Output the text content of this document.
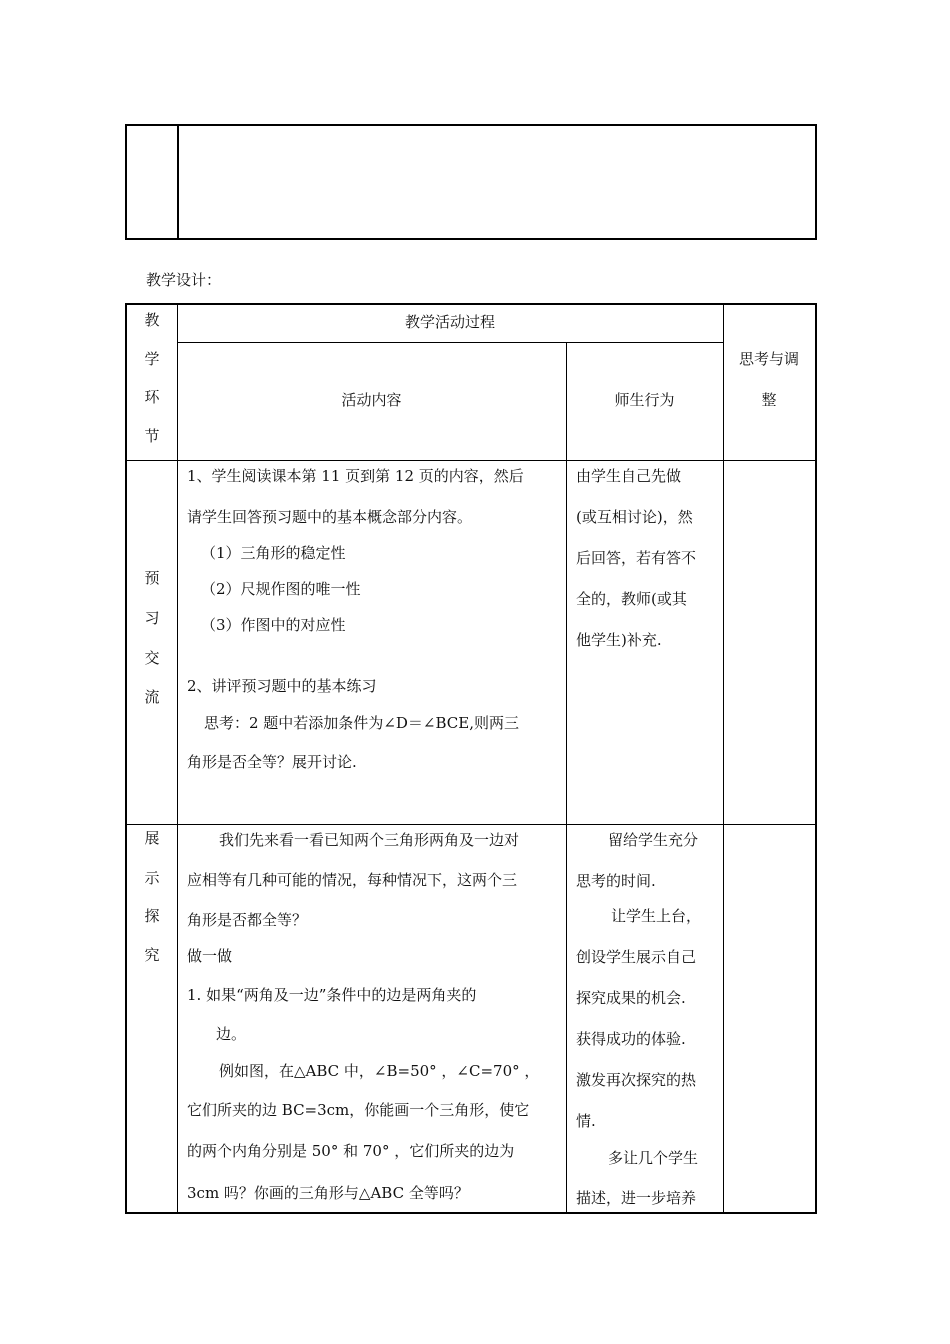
教学设计：
教
学
环
节
教学活动过程
活动内容	师生行为
思考与调
整
预
习
交
流
1、学生阅读课本第 11 页到第 12 页的内容，然后
请学生回答预习题中的基本概念部分内容。
（1）三角形的稳定性
（2）尺规作图的唯一性
（3）作图中的对应性
2、讲评预习题中的基本练习
思考：2 题中若添加条件为∠D＝∠BCE,则两三
角形是否全等？展开讨论.
由学生自己先做
(或互相讨论)，然
后回答，若有答不
全的，教师(或其
他学生)补充.
展
示
探
究
我们先来看一看已知两个三角形两角及一边对
应相等有几种可能的情况，每种情况下，这两个三
角形是否都全等？
做一做
1. 如果“两角及一边”条件中的边是两角夹的
边。
例如图，在△ABC 中，∠B=50° ，∠C=70° ，
它们所夹的边 BC=3cm，你能画一个三角形，使它
的两个内角分别是 50° 和 70° ，它们所夹的边为
3cm 吗？你画的三角形与△ABC 全等吗？
留给学生充分
思考的时间.
让学生上台，
创设学生展示自己
探究成果的机会.
获得成功的体验.
激发再次探究的热
情.
多让几个学生
描述，进一步培养
